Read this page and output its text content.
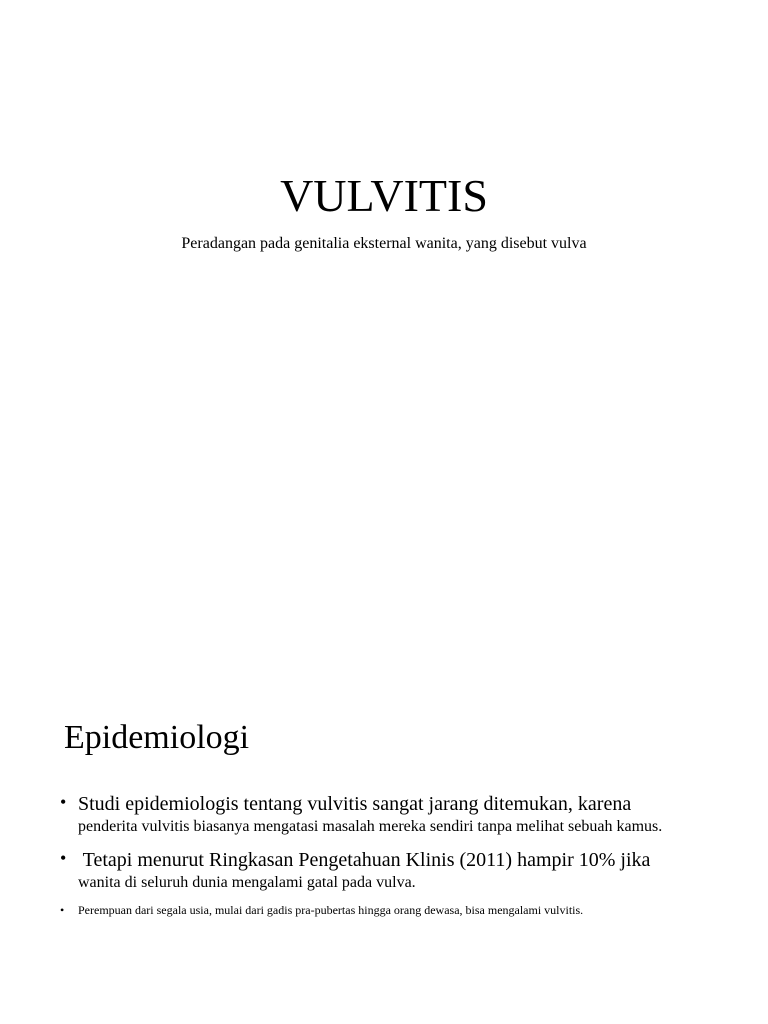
VULVITIS
Peradangan pada genitalia eksternal wanita, yang disebut vulva
Epidemiologi
• Studi epidemiologis tentang vulvitis sangat jarang ditemukan, karena
penderita vulvitis biasanya mengatasi masalah mereka sendiri tanpa melihat sebuah kamus.
• Tetapi menurut Ringkasan Pengetahuan Klinis (2011) hampir 10% jika
wanita di seluruh dunia mengalami gatal pada vulva.
• Perempuan dari segala usia, mulai dari gadis pra-pubertas hingga orang dewasa, bisa mengalami vulvitis.
